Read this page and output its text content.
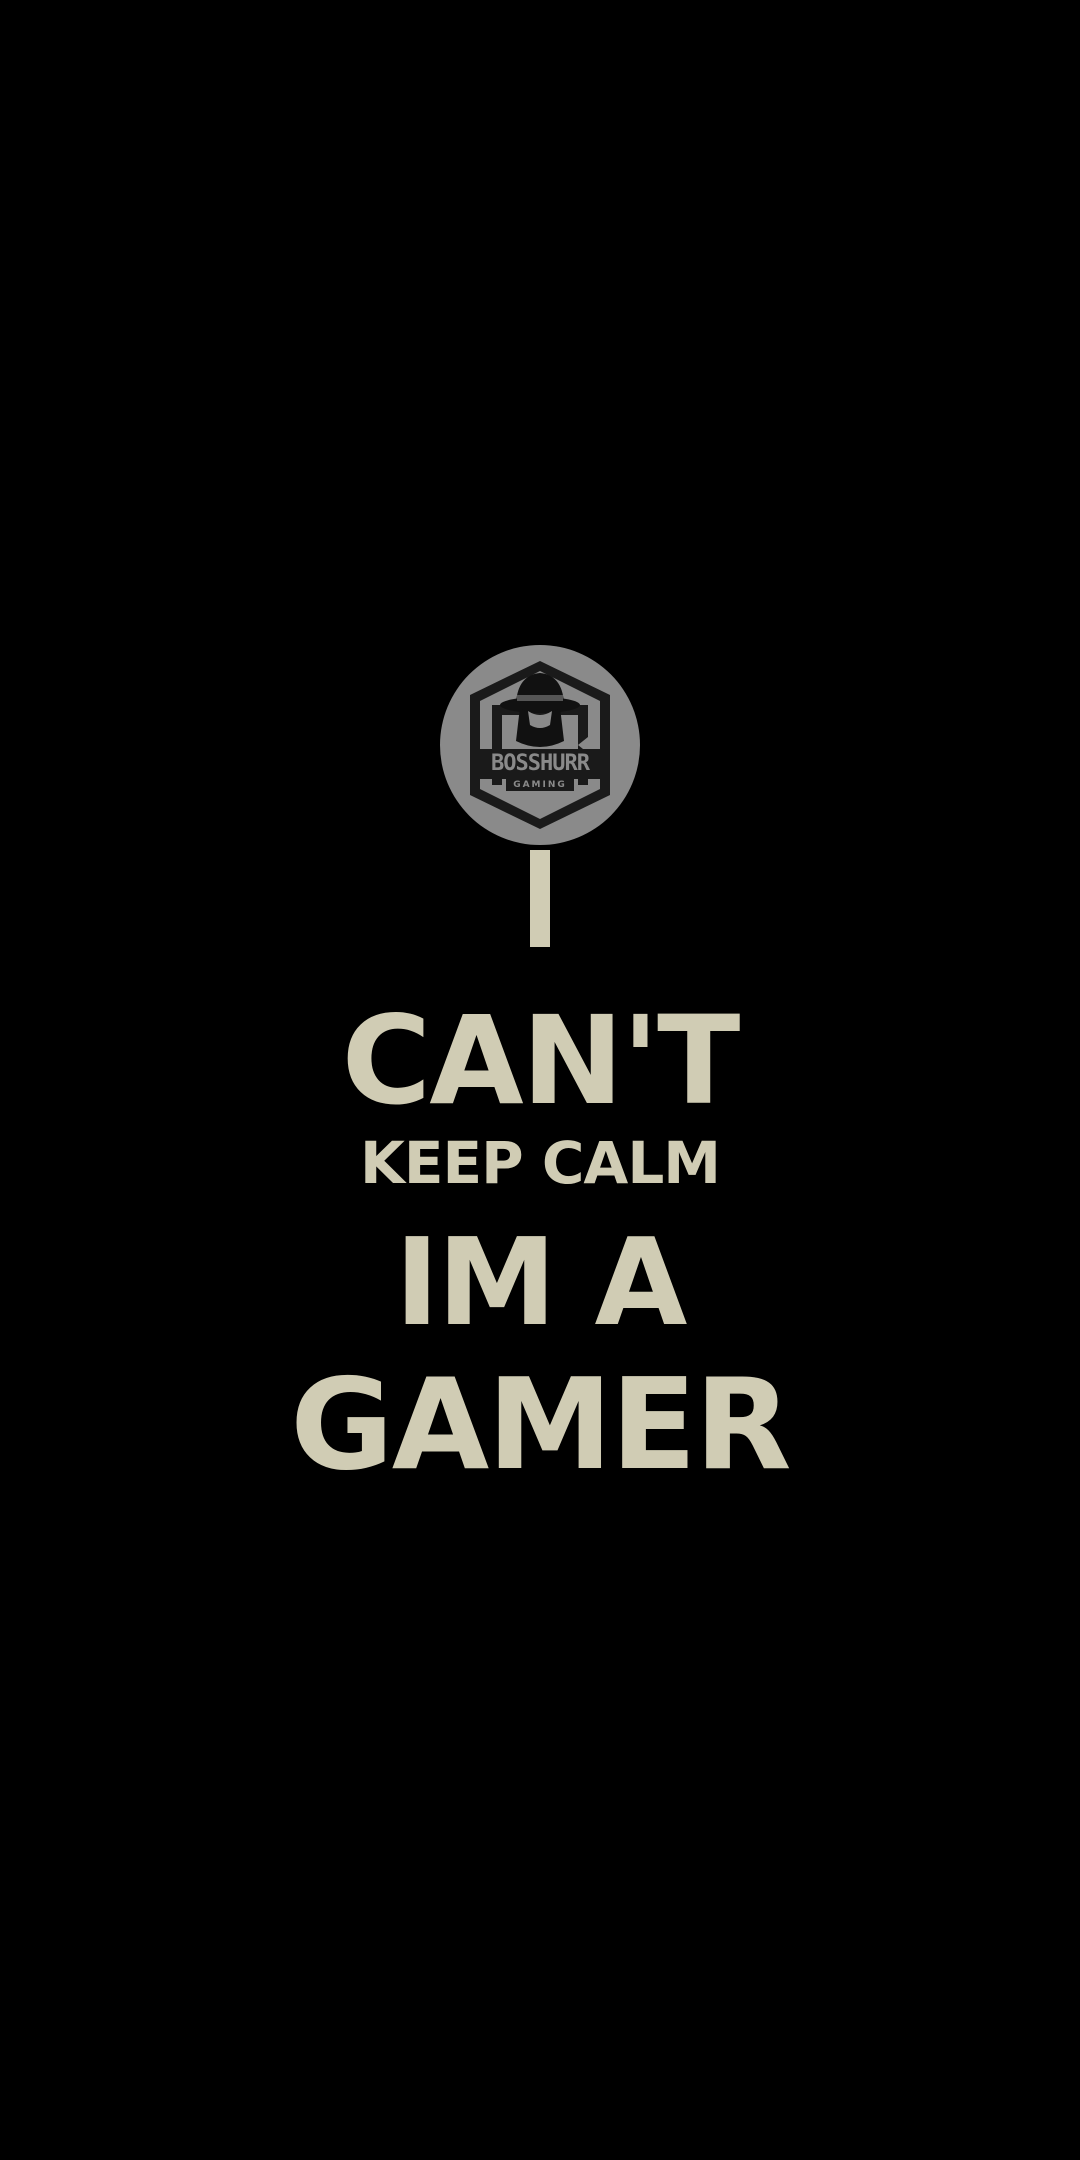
BOSSHURR
GAMING
CAN'T
KEEP CALM
IM A
GAMER
